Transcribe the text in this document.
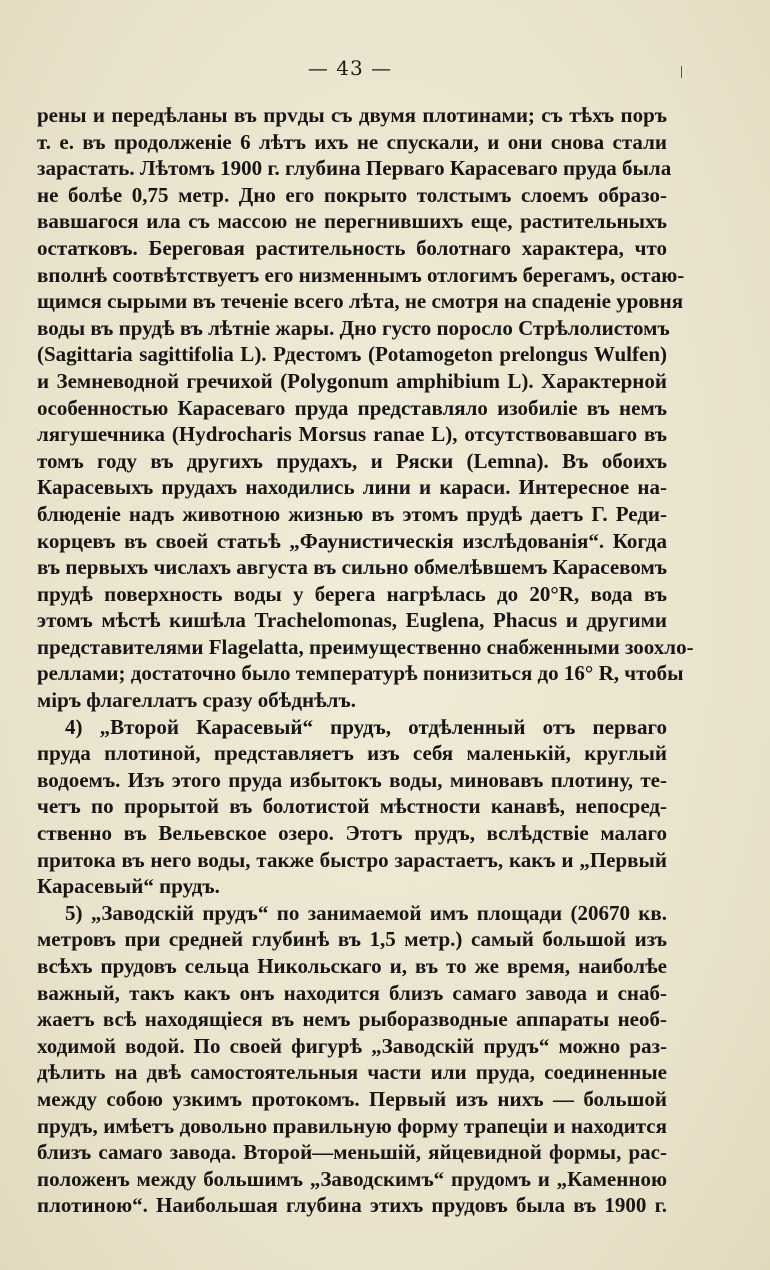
— 43 —
рены и передѣланы въ прvды съ двумя плотинами; съ тѣхъ поръ
т. е. въ продолженіе 6 лѣтъ ихъ не спускали, и они снова стали
зарастать. Лѣтомъ 1900 г. глубина Перваго Карасеваго пруда была
не болѣе 0,75 метр. Дно его покрыто толстымъ слоемъ образо-
вавшагося ила съ массою не перегнившихъ еще, растительныхъ
остатковъ. Береговая растительность болотнаго характера, что
вполнѣ соотвѣтствуетъ его низменнымъ отлогимъ берегамъ, остаю-
щимся сырыми въ теченіе всего лѣта, не смотря на спаденіе уровня
воды въ прудѣ въ лѣтніе жары. Дно густо поросло Стрѣлолистомъ
(Sagittaria sagittifolia L). Рдестомъ (Potamogeton prelongus Wulfen)
и Земневодной гречихой (Polygonum amphibium L). Характерной
особенностью Карасеваго пруда представляло изобиліе въ немъ
лягушечника (Hydrocharis Morsus ranae L), отсутствовавшаго въ
томъ году въ другихъ прудахъ, и Ряски (Lemna). Въ обоихъ
Карасевыхъ прудахъ находились лини и караси. Интересное на-
блюденіе надъ животною жизнью въ этомъ прудѣ даетъ Г. Реди-
корцевъ въ своей статьѣ „Фаунистическія изслѣдованія“. Когда
въ первыхъ числахъ августа въ сильно обмелѣвшемъ Карасевомъ
прудѣ поверхность воды у берега нагрѣлась до 20°R, вода въ
этомъ мѣстѣ кишѣла Trachelomonas, Euglena, Phacus и другими
представителями Flagelatta, преимущественно снабженными зоохло-
реллами; достаточно было температурѣ понизиться до 16° R, чтобы
міръ флагеллатъ сразу обѣднѣлъ.
4) „Второй Карасевый“ прудъ, отдѣленный отъ перваго
пруда плотиной, представляетъ изъ себя маленькій, круглый
водоемъ. Изъ этого пруда избытокъ воды, миновавъ плотину, те-
четъ по прорытой въ болотистой мѣстности канавѣ, непосред-
ственно въ Вельевское озеро. Этотъ прудъ, вслѣдствіе малаго
притока въ него воды, также быстро зарастаетъ, какъ и „Первый
Карасевый“ прудъ.
5) „Заводскій прудъ“ по занимаемой имъ площади (20670 кв.
метровъ при средней глубинѣ въ 1,5 метр.) самый большой изъ
всѣхъ прудовъ сельца Никольскаго и, въ то же время, наиболѣе
важный, такъ какъ онъ находится близъ самаго завода и снаб-
жаетъ всѣ находящіеся въ немъ рыборазводные аппараты необ-
ходимой водой. По своей фигурѣ „Заводскій прудъ“ можно раз-
дѣлить на двѣ самостоятельныя части или пруда, соединенные
между собою узкимъ протокомъ. Первый изъ нихъ — большой
прудъ, имѣетъ довольно правильную форму трапеціи и находится
близъ самаго завода. Второй—меньшій, яйцевидной формы, рас-
положенъ между большимъ „Заводскимъ“ прудомъ и „Каменною
плотиною“. Наибольшая глубина этихъ прудовъ была въ 1900 г.
